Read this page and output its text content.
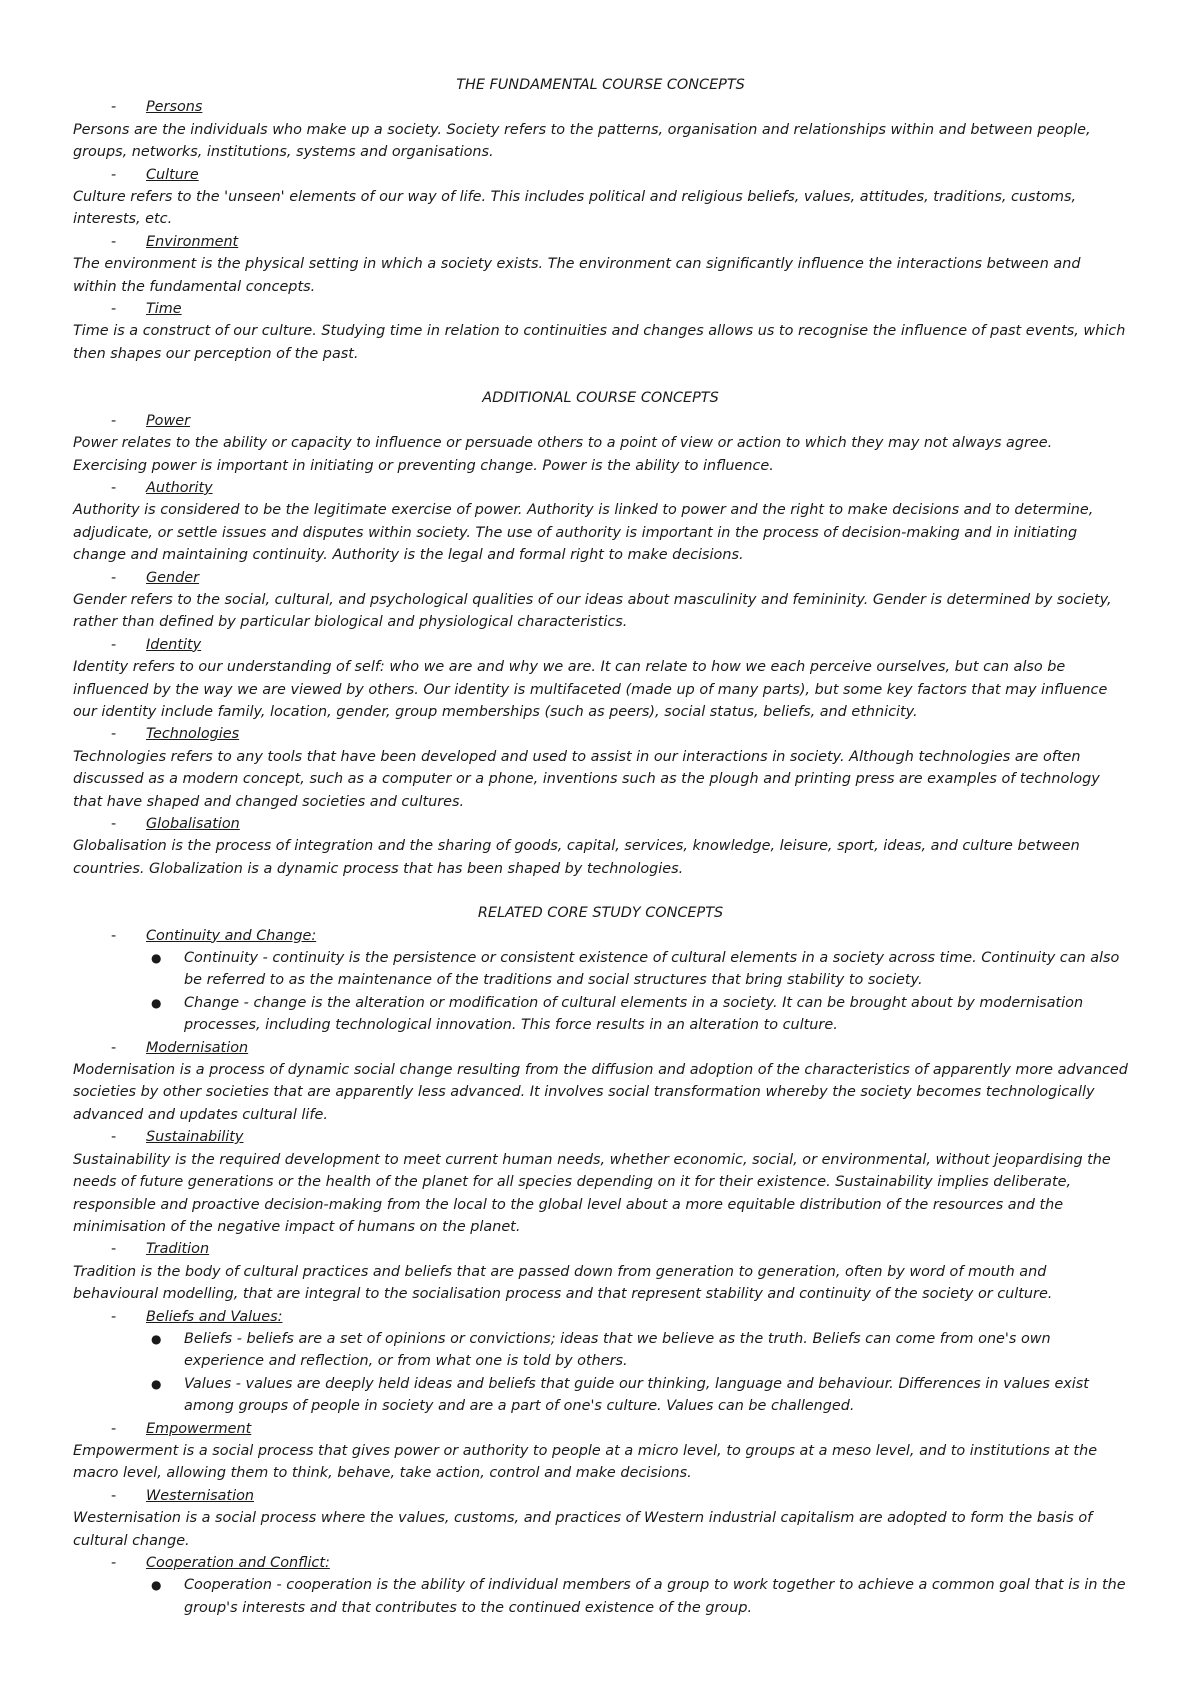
THE FUNDAMENTAL COURSE CONCEPTS

- Persons

Persons are the individuals who make up a society. Society refers to the patterns, organisation and relationships within and between people, groups, networks, institutions, systems and organisations.

- Culture

Culture refers to the 'unseen' elements of our way of life. This includes political and religious beliefs, values, attitudes, traditions, customs, interests, etc.

- Environment

The environment is the physical setting in which a society exists. The environment can significantly influence the interactions between and within the fundamental concepts.

- Time

Time is a construct of our culture. Studying time in relation to continuities and changes allows us to recognise the influence of past events, which then shapes our perception of the past.

ADDITIONAL COURSE CONCEPTS

- Power

Power relates to the ability or capacity to influence or persuade others to a point of view or action to which they may not always agree. Exercising power is important in initiating or preventing change. Power is the ability to influence.

- Authority

Authority is considered to be the legitimate exercise of power. Authority is linked to power and the right to make decisions and to determine, adjudicate, or settle issues and disputes within society. The use of authority is important in the process of decision-making and in initiating change and maintaining continuity. Authority is the legal and formal right to make decisions.

- Gender

Gender refers to the social, cultural, and psychological qualities of our ideas about masculinity and femininity. Gender is determined by society, rather than defined by particular biological and physiological characteristics.

- Identity

Identity refers to our understanding of self: who we are and why we are. It can relate to how we each perceive ourselves, but can also be influenced by the way we are viewed by others. Our identity is multifaceted (made up of many parts), but some key factors that may influence our identity include family, location, gender, group memberships (such as peers), social status, beliefs, and ethnicity.

- Technologies

Technologies refers to any tools that have been developed and used to assist in our interactions in society. Although technologies are often discussed as a modern concept, such as a computer or a phone, inventions such as the plough and printing press are examples of technology that have shaped and changed societies and cultures.

- Globalisation

Globalisation is the process of integration and the sharing of goods, capital, services, knowledge, leisure, sport, ideas, and culture between countries. Globalization is a dynamic process that has been shaped by technologies.

RELATED CORE STUDY CONCEPTS

- Continuity and Change:

● Continuity - continuity is the persistence or consistent existence of cultural elements in a society across time. Continuity can also be referred to as the maintenance of the traditions and social structures that bring stability to society.

● Change - change is the alteration or modification of cultural elements in a society. It can be brought about by modernisation processes, including technological innovation. This force results in an alteration to culture.

- Modernisation

Modernisation is a process of dynamic social change resulting from the diffusion and adoption of the characteristics of apparently more advanced societies by other societies that are apparently less advanced. It involves social transformation whereby the society becomes technologically advanced and updates cultural life.

- Sustainability

Sustainability is the required development to meet current human needs, whether economic, social, or environmental, without jeopardising the needs of future generations or the health of the planet for all species depending on it for their existence. Sustainability implies deliberate, responsible and proactive decision-making from the local to the global level about a more equitable distribution of the resources and the minimisation of the negative impact of humans on the planet.

- Tradition

Tradition is the body of cultural practices and beliefs that are passed down from generation to generation, often by word of mouth and behavioural modelling, that are integral to the socialisation process and that represent stability and continuity of the society or culture.

- Beliefs and Values:

● Beliefs - beliefs are a set of opinions or convictions; ideas that we believe as the truth. Beliefs can come from one's own experience and reflection, or from what one is told by others.

● Values - values are deeply held ideas and beliefs that guide our thinking, language and behaviour. Differences in values exist among groups of people in society and are a part of one's culture. Values can be challenged.

- Empowerment

Empowerment is a social process that gives power or authority to people at a micro level, to groups at a meso level, and to institutions at the macro level, allowing them to think, behave, take action, control and make decisions.

- Westernisation

Westernisation is a social process where the values, customs, and practices of Western industrial capitalism are adopted to form the basis of cultural change.

- Cooperation and Conflict:

● Cooperation - cooperation is the ability of individual members of a group to work together to achieve a common goal that is in the group's interests and that contributes to the continued existence of the group.
